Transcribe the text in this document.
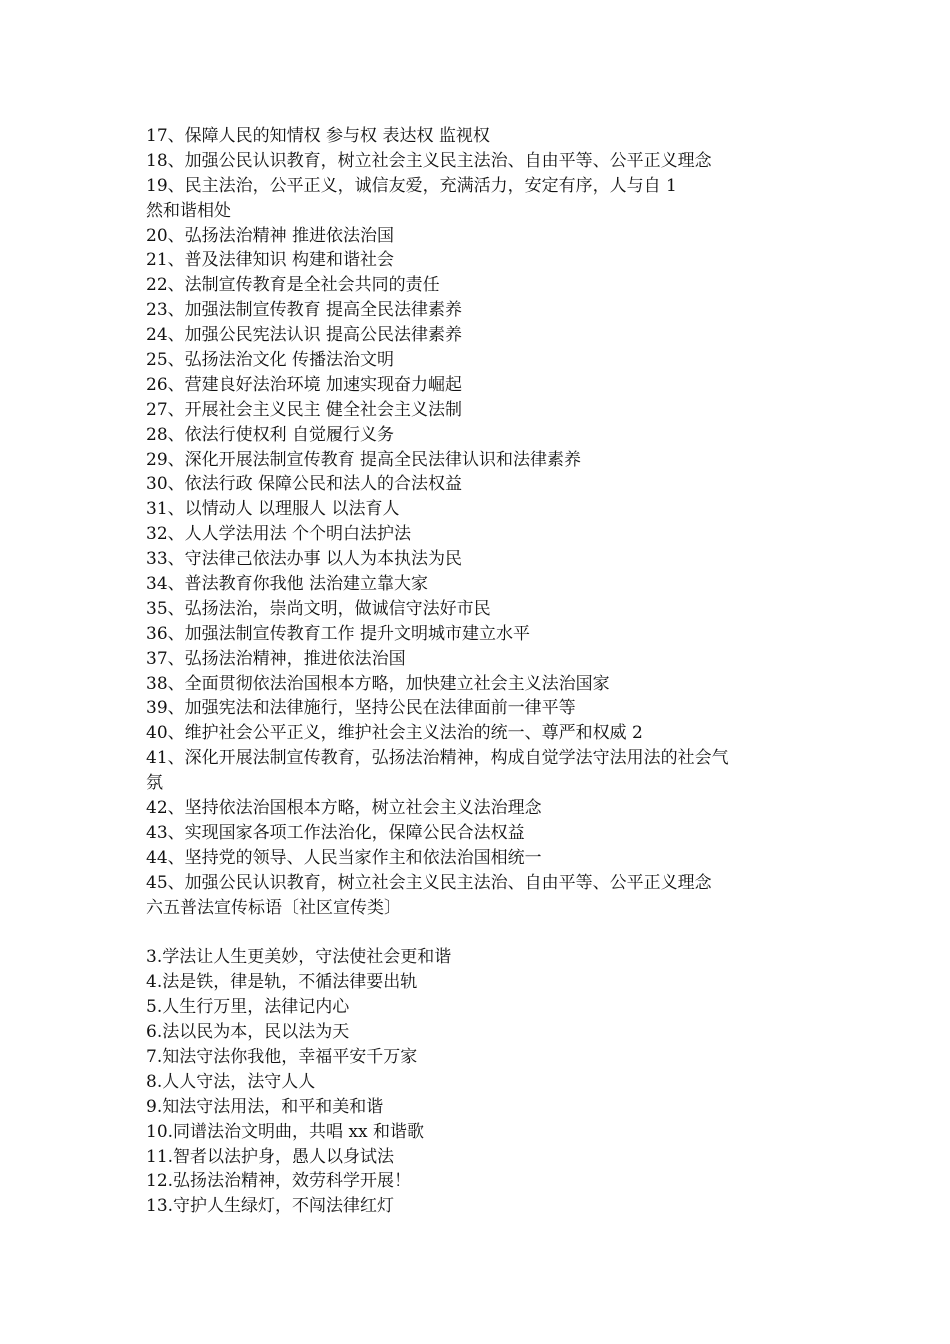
17、保障人民的知情权 参与权 表达权 监视权
18、加强公民认识教育，树立社会主义民主法治、自由平等、公平正义理念
19、民主法治，公平正义，诚信友爱，充满活力，安定有序，人与自 1
然和谐相处
20、弘扬法治精神 推进依法治国
21、普及法律知识 构建和谐社会
22、法制宣传教育是全社会共同的责任
23、加强法制宣传教育 提高全民法律素养
24、加强公民宪法认识 提高公民法律素养
25、弘扬法治文化 传播法治文明
26、营建良好法治环境 加速实现奋力崛起
27、开展社会主义民主 健全社会主义法制
28、依法行使权利 自觉履行义务
29、深化开展法制宣传教育 提高全民法律认识和法律素养
30、依法行政 保障公民和法人的合法权益
31、以情动人 以理服人 以法育人
32、人人学法用法 个个明白法护法
33、守法律己依法办事 以人为本执法为民
34、普法教育你我他 法治建立靠大家
35、弘扬法治，崇尚文明，做诚信守法好市民
36、加强法制宣传教育工作 提升文明城市建立水平
37、弘扬法治精神，推进依法治国
38、全面贯彻依法治国根本方略，加快建立社会主义法治国家
39、加强宪法和法律施行，坚持公民在法律面前一律平等
40、维护社会公平正义，维护社会主义法治的统一、尊严和权威 2
41、深化开展法制宣传教育，弘扬法治精神，构成自觉学法守法用法的社会气
氛
42、坚持依法治国根本方略，树立社会主义法治理念
43、实现国家各项工作法治化，保障公民合法权益
44、坚持党的领导、人民当家作主和依法治国相统一
45、加强公民认识教育，树立社会主义民主法治、自由平等、公平正义理念
六五普法宣传标语〔社区宣传类〕
3.学法让人生更美妙，守法使社会更和谐
4.法是铁，律是轨，不循法律要出轨
5.人生行万里，法律记内心
6.法以民为本，民以法为天
7.知法守法你我他，幸福平安千万家
8.人人守法，法守人人
9.知法守法用法，和平和美和谐
10.同谱法治文明曲，共唱 xx 和谐歌
11.智者以法护身，愚人以身试法
12.弘扬法治精神，效劳科学开展！
13.守护人生绿灯，不闯法律红灯
